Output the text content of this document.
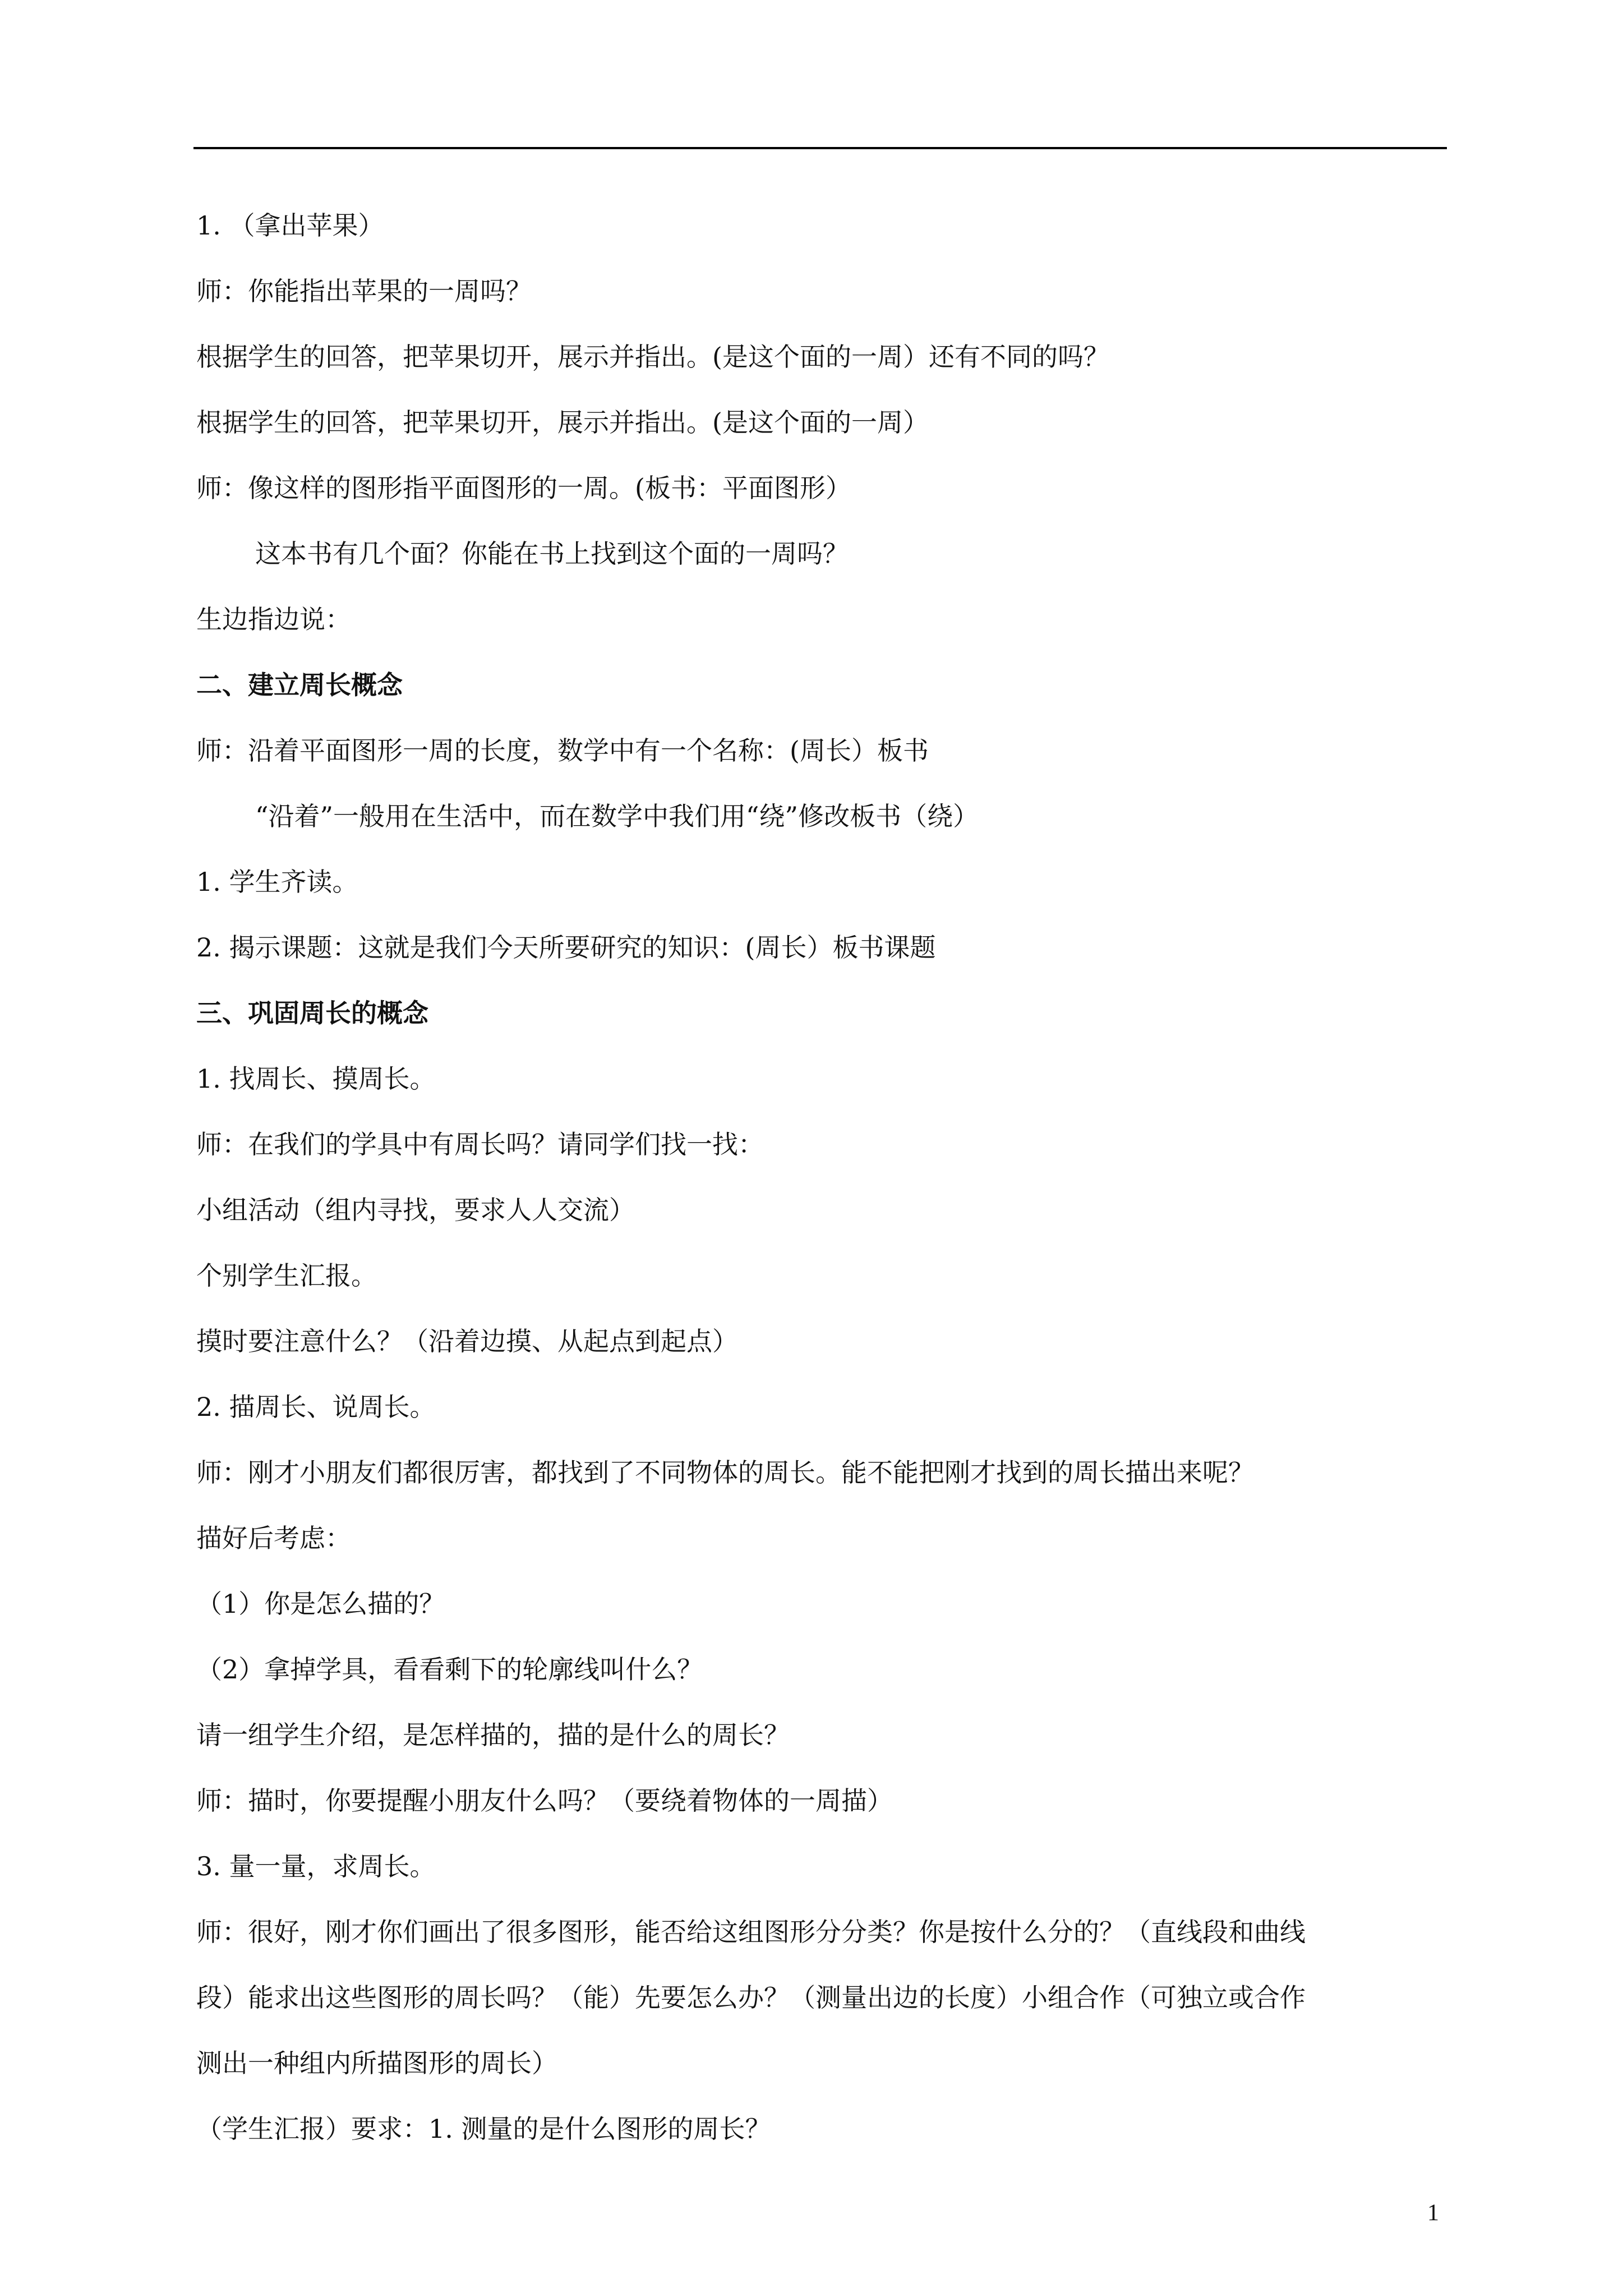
1. （拿出苹果）
师：你能指出苹果的一周吗？
根据学生的回答，把苹果切开，展示并指出。(是这个面的一周）还有不同的吗？
根据学生的回答，把苹果切开，展示并指出。(是这个面的一周）
师：像这样的图形指平面图形的一周。(板书：平面图形）
这本书有几个面？你能在书上找到这个面的一周吗？
生边指边说：
二、建立周长概念
师：沿着平面图形一周的长度，数学中有一个名称：(周长）板书
“沿着”一般用在生活中，而在数学中我们用“绕”修改板书（绕）
1. 学生齐读。
2. 揭示课题：这就是我们今天所要研究的知识：(周长）板书课题
三、巩固周长的概念
1. 找周长、摸周长。
师：在我们的学具中有周长吗？请同学们找一找：
小组活动（组内寻找，要求人人交流）
个别学生汇报。
摸时要注意什么？（沿着边摸、从起点到起点）
2. 描周长、说周长。
师：刚才小朋友们都很厉害，都找到了不同物体的周长。能不能把刚才找到的周长描出来呢？
描好后考虑：
（1）你是怎么描的？
（2）拿掉学具，看看剩下的轮廓线叫什么？
请一组学生介绍，是怎样描的，描的是什么的周长？
师：描时，你要提醒小朋友什么吗？（要绕着物体的一周描）
3. 量一量，求周长。
师：很好，刚才你们画出了很多图形，能否给这组图形分分类？你是按什么分的？（直线段和曲线
段）能求出这些图形的周长吗？（能）先要怎么办？（测量出边的长度）小组合作（可独立或合作
测出一种组内所描图形的周长）
（学生汇报）要求：1. 测量的是什么图形的周长？
1
